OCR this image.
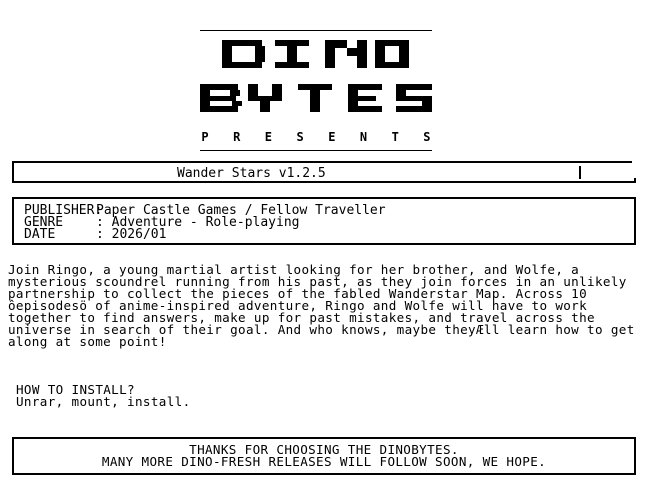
P R E S E N T S
Wander Stars v1.2.5
PUBLISHER:Paper Castle Games / Fellow Traveller
GENRE	: Adventure - Role-playing
DATE	: 2026/01
Join Ringo, a young martial artist looking for her brother, and Wolfe, a
mysterious scoundrel running from his past, as they join forces in an unlikely
partnership to collect the pieces of the fabled Wanderstar Map. Across 10
ôepisodesö of anime-inspired adventure, Ringo and Wolfe will have to work
together to find answers, make up for past mistakes, and travel across the
universe in search of their goal. And who knows, maybe theyÆll learn how to get
along at some point!
HOW TO INSTALL?
Unrar, mount, install.
THANKS FOR CHOOSING THE DINOBYTES.
MANY MORE DINO-FRESH RELEASES WILL FOLLOW SOON, WE HOPE.
